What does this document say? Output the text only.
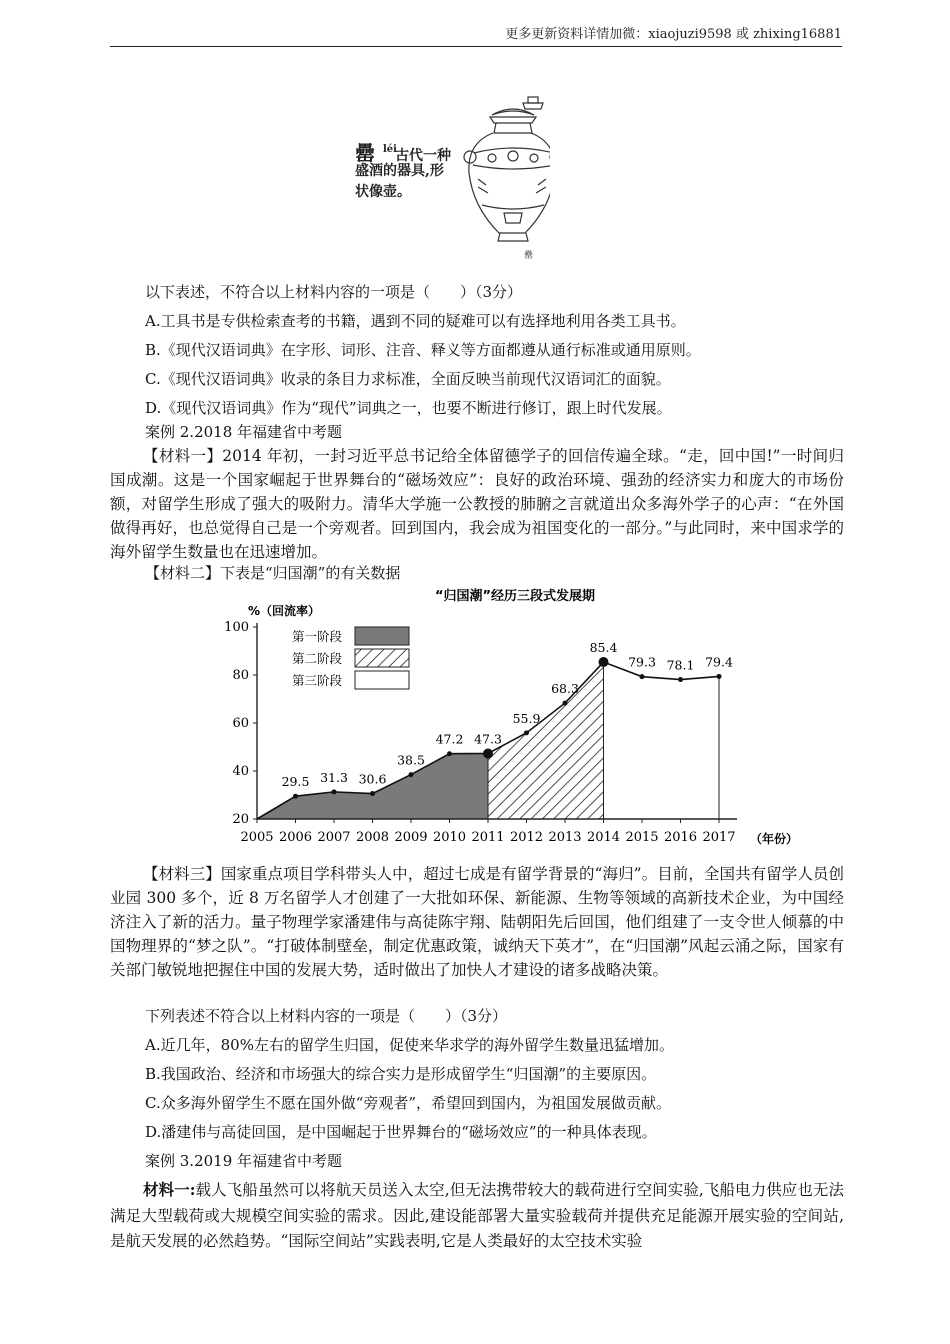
更多更新资料详情加微：xiaojuzi9598 或 zhixing16881
léi
罍 古代一种
盛酒的器具,形
状像壶。
罍
以下表述，不符合以上材料内容的一项是（　　）（3分）
A.工具书是专供检索查考的书籍，遇到不同的疑难可以有选择地利用各类工具书。
B.《现代汉语词典》在字形、词形、注音、释义等方面都遵从通行标准或通用原则。
C.《现代汉语词典》收录的条目力求标准，全面反映当前现代汉语词汇的面貌。
D.《现代汉语词典》作为“现代”词典之一，也要不断进行修订，跟上时代发展。
案例 2.2018 年福建省中考题
【材料一】2014 年初，一封习近平总书记给全体留德学子的回信传遍全球。“走，回中国!”一时间归国成潮。这是一个国家崛起于世界舞台的“磁场效应”：良好的政治环境、强劲的经济实力和庞大的市场份额，对留学生形成了强大的吸附力。清华大学施一公教授的肺腑之言就道出众多海外学子的心声：“在外国做得再好，也总觉得自己是一个旁观者。回到国内，我会成为祖国变化的一部分。”与此同时，来中国求学的海外留学生数量也在迅速增加。
【材料二】下表是“归国潮”的有关数据
“归国潮”经历三段式发展期
%（回流率）
（年份）
20
40
60
80
100
2005 2006 2007 2008 2009 2010 2011 2012 2013 2014 2015 2016 2017
29.5 31.3 30.6
38.5
47.2 47.3
55.9
68.3
85.4
79.3 78.1 79.4
第一阶段
第二阶段
第三阶段
【材料三】国家重点项目学科带头人中，超过七成是有留学背景的“海归”。目前，全国共有留学人员创业园 300 多个，近 8 万名留学人才创建了一大批如环保、新能源、生物等领域的高新技术企业，为中国经济注入了新的活力。量子物理学家潘建伟与高徒陈宇翔、陆朝阳先后回国，他们组建了一支令世人倾慕的中国物理界的“梦之队”。“打破体制壁垒，制定优惠政策，诚纳天下英才”，在“归国潮”风起云涌之际，国家有关部门敏锐地把握住中国的发展大势，适时做出了加快人才建设的诸多战略决策。
下列表述不符合以上材料内容的一项是（　　）（3分）
A.近几年，80%左右的留学生归国，促使来华求学的海外留学生数量迅猛增加。
B.我国政治、经济和市场强大的综合实力是形成留学生“归国潮”的主要原因。
C.众多海外留学生不愿在国外做“旁观者”，希望回到国内，为祖国发展做贡献。
D.潘建伟与高徒回国，是中国崛起于世界舞台的“磁场效应”的一种具体表现。
案例 3.2019 年福建省中考题
材料一:载人飞船虽然可以将航天员送入太空,但无法携带较大的载荷进行空间实验,飞船电力供应也无法满足大型载荷或大规模空间实验的需求。因此,建设能部署大量实验载荷并提供充足能源开展实验的空间站,是航天发展的必然趋势。“国际空间站”实践表明,它是人类最好的太空技术实验
